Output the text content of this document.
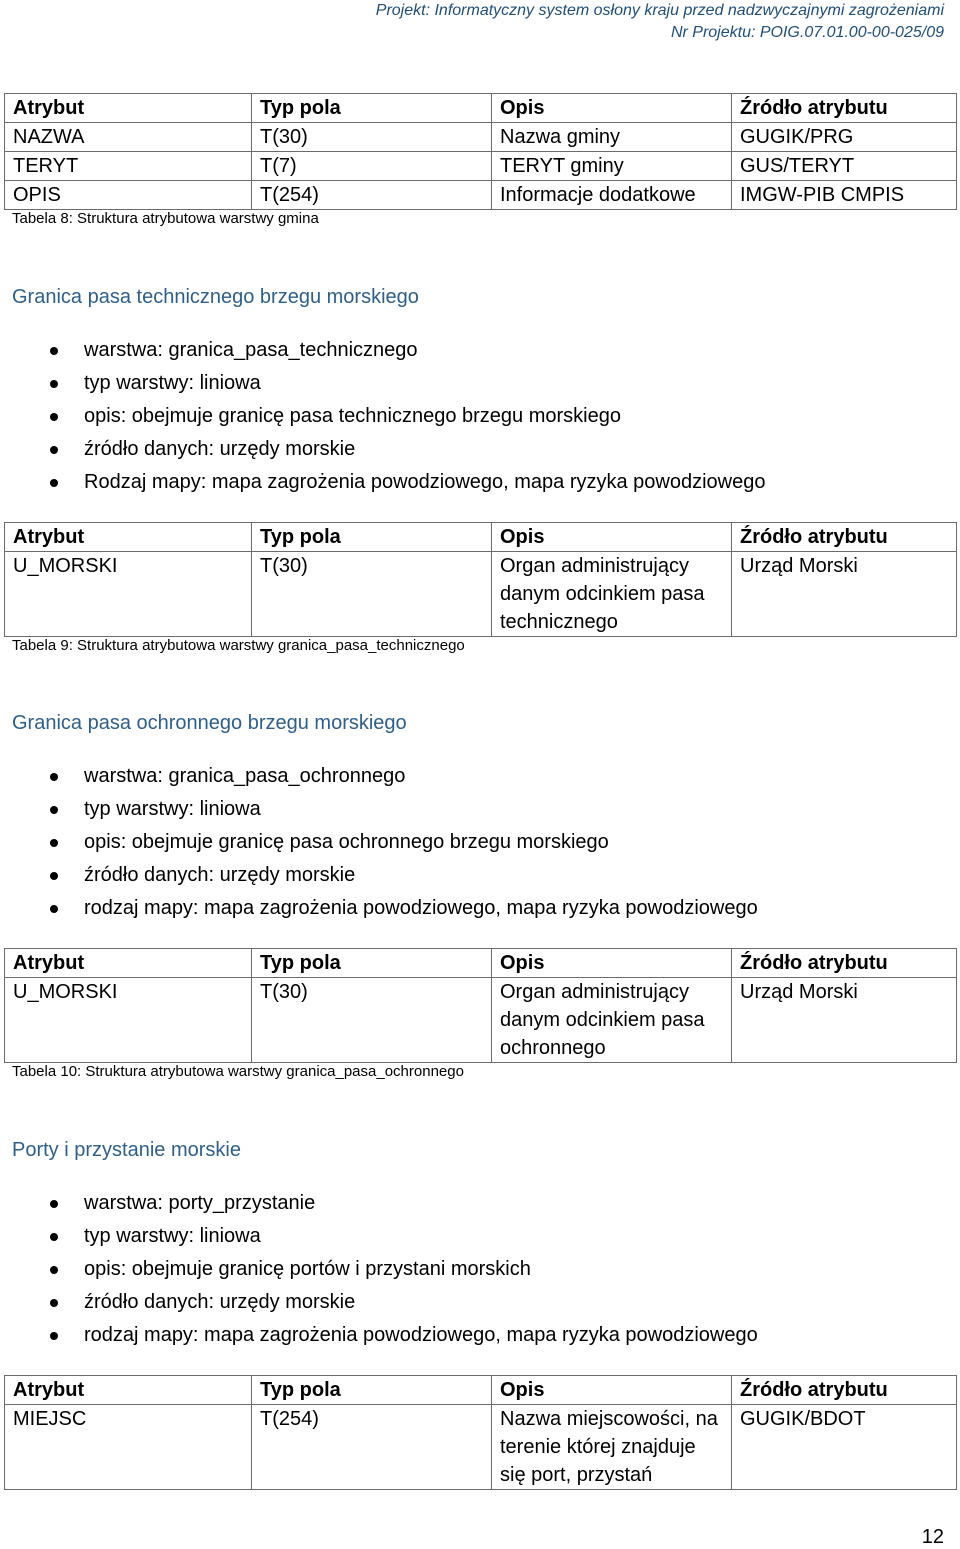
Projekt: Informatyczny system osłony kraju przed nadzwyczajnymi zagrożeniami
Nr Projektu: POIG.07.01.00-00-025/09
Atrybut	Typ pola	Opis	Źródło atrybutu
NAZWA	T(30)	Nazwa gminy	GUGIK/PRG
TERYT	T(7)	TERYT gminy	GUS/TERYT
OPIS	T(254)	Informacje dodatkowe	IMGW-PIB CMPIS
Tabela 8: Struktura atrybutowa warstwy gmina
Granica pasa technicznego brzegu morskiego
warstwa: granica_pasa_technicznego
typ warstwy: liniowa
opis: obejmuje granicę pasa technicznego brzegu morskiego
źródło danych: urzędy morskie
Rodzaj mapy: mapa zagrożenia powodziowego, mapa ryzyka powodziowego
Atrybut	Typ pola	Opis	Źródło atrybutu
U_MORSKI	T(30)	Organ administrujący danym odcinkiem pasa technicznego	Urząd Morski
Tabela 9: Struktura atrybutowa warstwy granica_pasa_technicznego
Granica pasa ochronnego brzegu morskiego
warstwa: granica_pasa_ochronnego
typ warstwy: liniowa
opis: obejmuje granicę pasa ochronnego brzegu morskiego
źródło danych: urzędy morskie
rodzaj mapy: mapa zagrożenia powodziowego, mapa ryzyka powodziowego
Atrybut	Typ pola	Opis	Źródło atrybutu
U_MORSKI	T(30)	Organ administrujący danym odcinkiem pasa ochronnego	Urząd Morski
Tabela 10: Struktura atrybutowa warstwy granica_pasa_ochronnego
Porty i przystanie morskie
warstwa: porty_przystanie
typ warstwy: liniowa
opis: obejmuje granicę portów i przystani morskich
źródło danych: urzędy morskie
rodzaj mapy: mapa zagrożenia powodziowego, mapa ryzyka powodziowego
Atrybut	Typ pola	Opis	Źródło atrybutu
MIEJSC	T(254)	Nazwa miejscowości, na terenie której znajduje się port, przystań	GUGIK/BDOT
12
